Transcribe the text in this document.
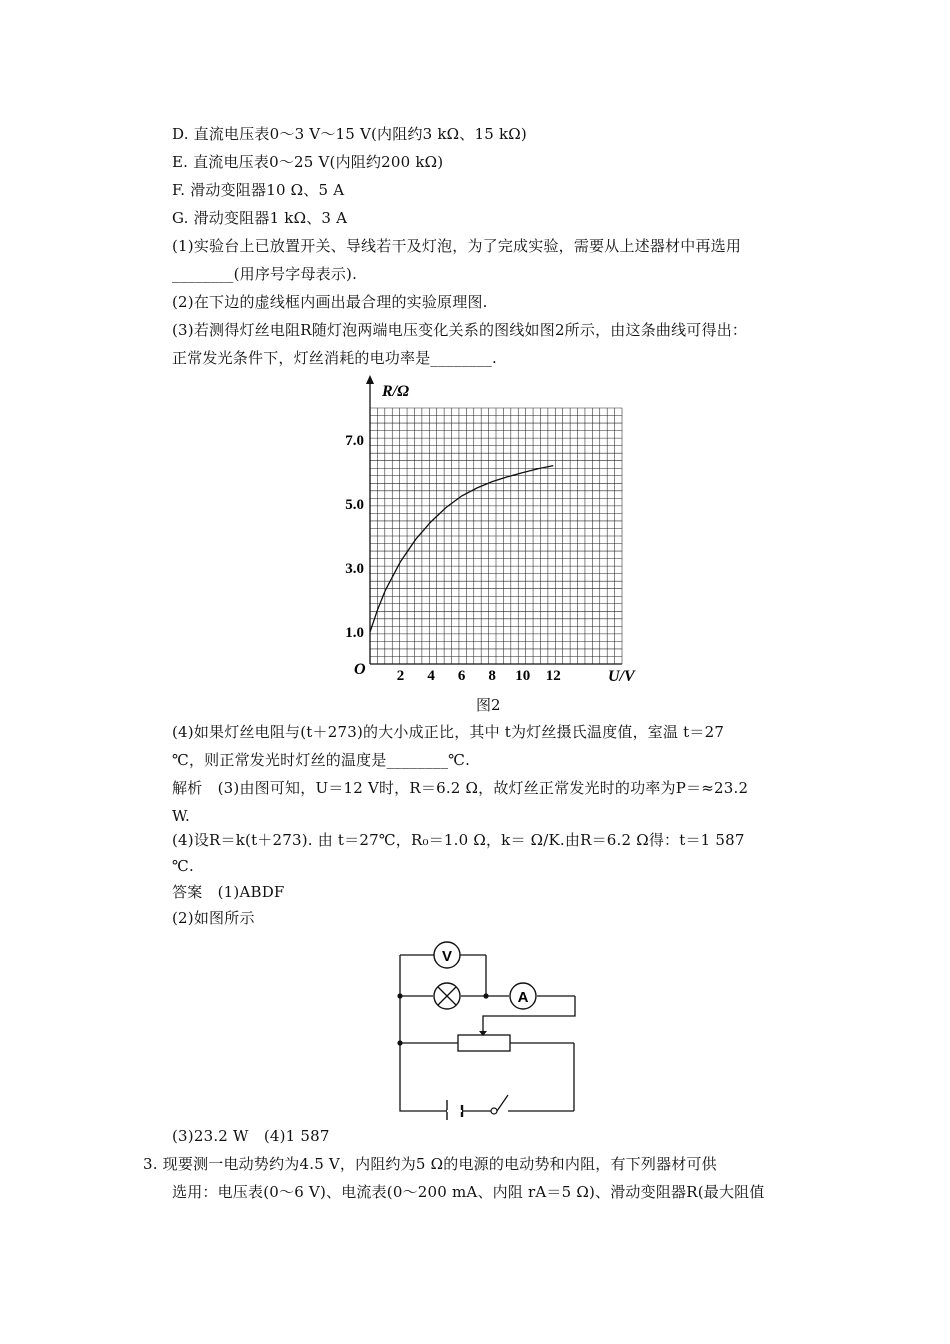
D. 直流电压表0～3 V～15 V(内阻约3 kΩ、15 kΩ)
E. 直流电压表0～25 V(内阻约200 kΩ)
F. 滑动变阻器10 Ω、5 A
G. 滑动变阻器1 kΩ、3 A
(1)实验台上已放置开关、导线若干及灯泡，为了完成实验，需要从上述器材中再选用
________(用序号字母表示).
(2)在下边的虚线框内画出最合理的实验原理图.
(3)若测得灯丝电阻R随灯泡两端电压变化关系的图线如图2所示，由这条曲线可得出：
正常发光条件下，灯丝消耗的电功率是________.
2 4 6 8 10 12
1.0
3.0
5.0
7.0
R/Ω
U/V
O
图2
(4)如果灯丝电阻与(t＋273)的大小成正比，其中 t为灯丝摄氏温度值，室温 t＝27
℃，则正常发光时灯丝的温度是________℃.
解析　(3)由图可知，U＝12 V时，R＝6.2 Ω，故灯丝正常发光时的功率为P＝≈23.2
W.
(4)设R＝k(t＋273). 由 t＝27℃，R₀＝1.0 Ω，k＝ Ω/K.由R＝6.2 Ω得：t＝1 587
℃.
答案　(1)ABDF
(2)如图所示
V
A
(3)23.2 W　(4)1 587
3. 现要测一电动势约为4.5 V，内阻约为5 Ω的电源的电动势和内阻，有下列器材可供
选用：电压表(0～6 V)、电流表(0～200 mA、内阻 rA＝5 Ω)、滑动变阻器R(最大阻值
